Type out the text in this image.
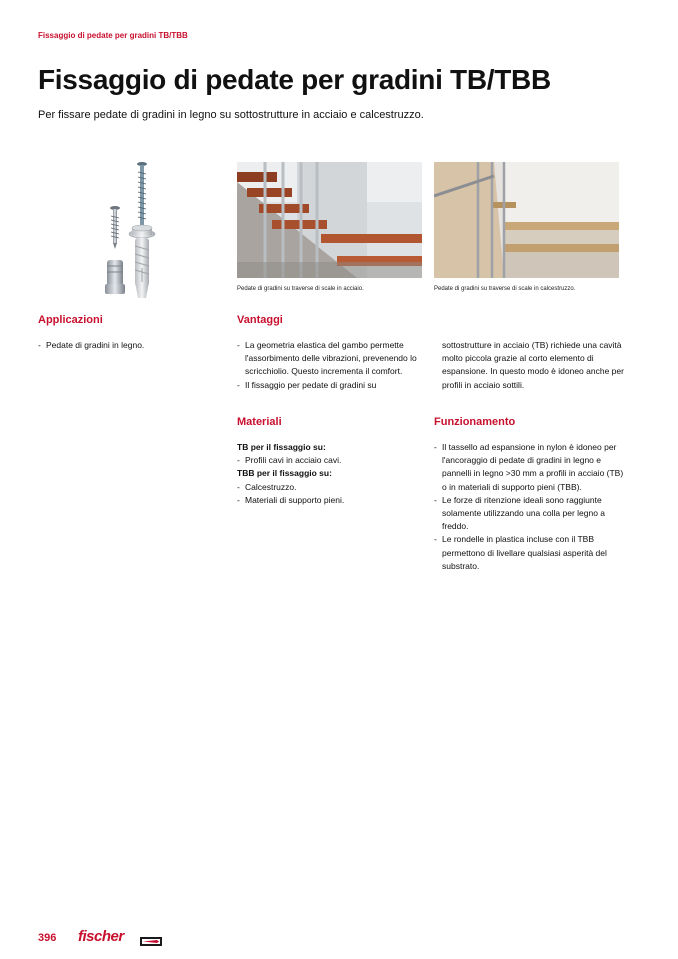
Fissaggio di pedate per gradini TB/TBB
Fissaggio di pedate per gradini TB/TBB
Per fissare pedate di gradini in legno su sottostrutture in acciaio e calcestruzzo.
Pedate di gradini su traverse di scale in acciaio.	Pedate di gradini su traverse di scale in calcestruzzo.
Applicazioni
- Pedate di gradini in legno.
Vantaggi
- La geometria elastica del gambo permette l'assorbimento delle vibrazioni, prevenendo lo scricchiolio. Questo incrementa il comfort.
- Il fissaggio per pedate di gradini su
sottostrutture in acciaio (TB) richiede una cavità molto piccola grazie al corto elemento di espansione. In questo modo è idoneo anche per profili in acciaio sottili.
Materiali
TB per il fissaggio su:
- Profili cavi in acciaio cavi.
TBB per il fissaggio su:
- Calcestruzzo.
- Materiali di supporto pieni.
Funzionamento
- Il tassello ad espansione in nylon è idoneo per l'ancoraggio di pedate di gradini in legno e pannelli in legno >30 mm a profili in acciaio (TB) o in materiali di supporto pieni (TBB).
- Le forze di ritenzione ideali sono raggiunte solamente utilizzando una colla per legno a freddo.
- Le rondelle in plastica incluse con il TBB permettono di livellare qualsiasi asperità del substrato.
396 fischer
